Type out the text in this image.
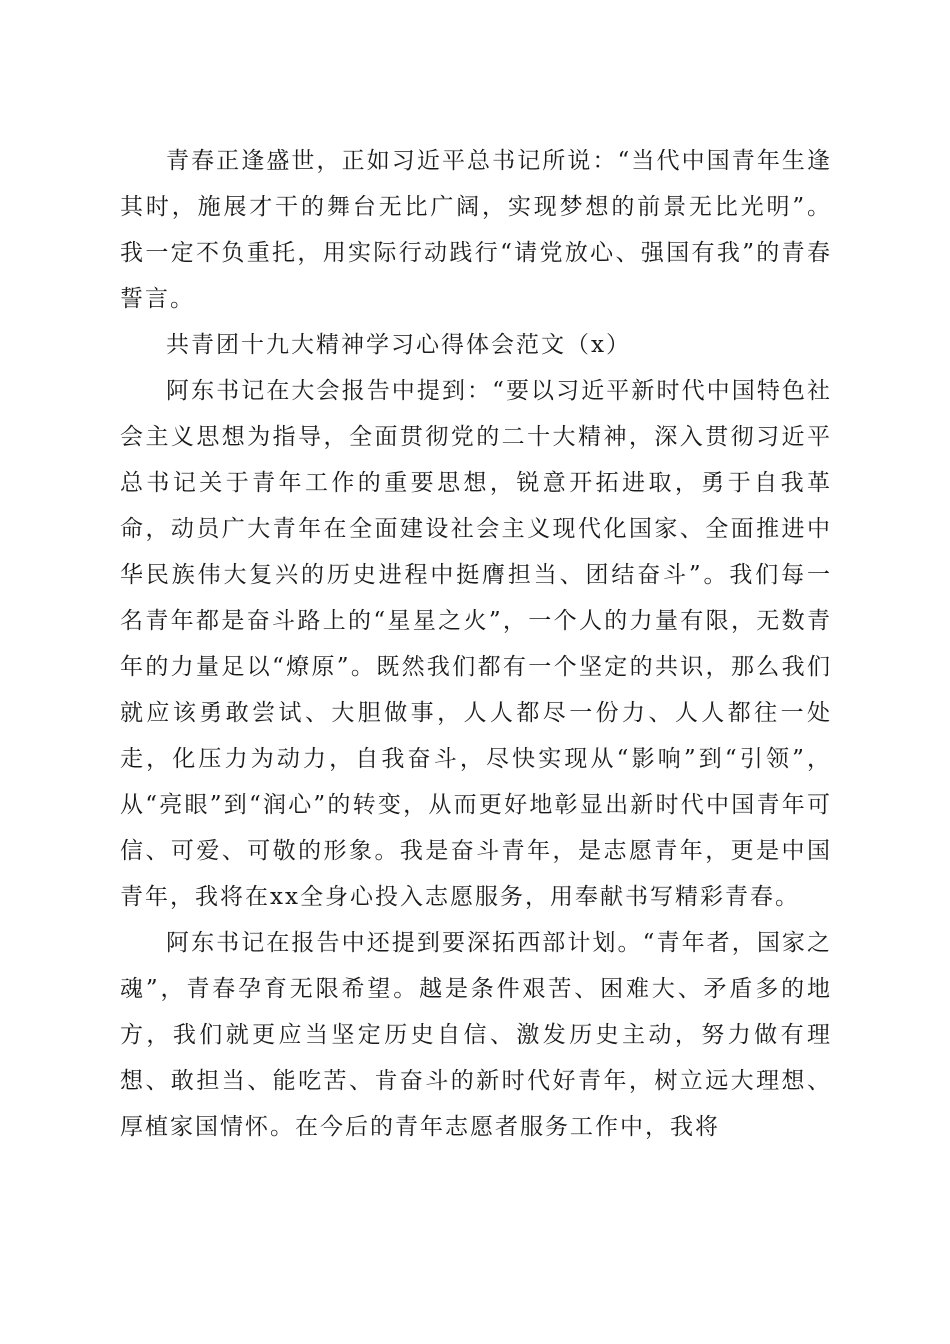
青春正逢盛世，正如习近平总书记所说：“当代中国青年生逢其时，施展才干的舞台无比广阔，实现梦想的前景无比光明”。我一定不负重托，用实际行动践行“请党放心、强国有我”的青春誓言。

共青团十九大精神学习心得体会范文（x）

阿东书记在大会报告中提到：“要以习近平新时代中国特色社会主义思想为指导，全面贯彻党的二十大精神，深入贯彻习近平总书记关于青年工作的重要思想，锐意开拓进取，勇于自我革命，动员广大青年在全面建设社会主义现代化国家、全面推进中华民族伟大复兴的历史进程中挺膺担当、团结奋斗”。我们每一名青年都是奋斗路上的“星星之火”，一个人的力量有限，无数青年的力量足以“燎原”。既然我们都有一个坚定的共识，那么我们就应该勇敢尝试、大胆做事，人人都尽一份力、人人都往一处走，化压力为动力，自我奋斗，尽快实现从“影响”到“引领”，从“亮眼”到“润心”的转变，从而更好地彰显出新时代中国青年可信、可爱、可敬的形象。我是奋斗青年，是志愿青年，更是中国青年，我将在xx全身心投入志愿服务，用奉献书写精彩青春。

阿东书记在报告中还提到要深拓西部计划。“青年者，国家之魂”，青春孕育无限希望。越是条件艰苦、困难大、矛盾多的地方，我们就更应当坚定历史自信、激发历史主动，努力做有理想、敢担当、能吃苦、肯奋斗的新时代好青年，树立远大理想、厚植家国情怀。在今后的青年志愿者服务工作中，我将
